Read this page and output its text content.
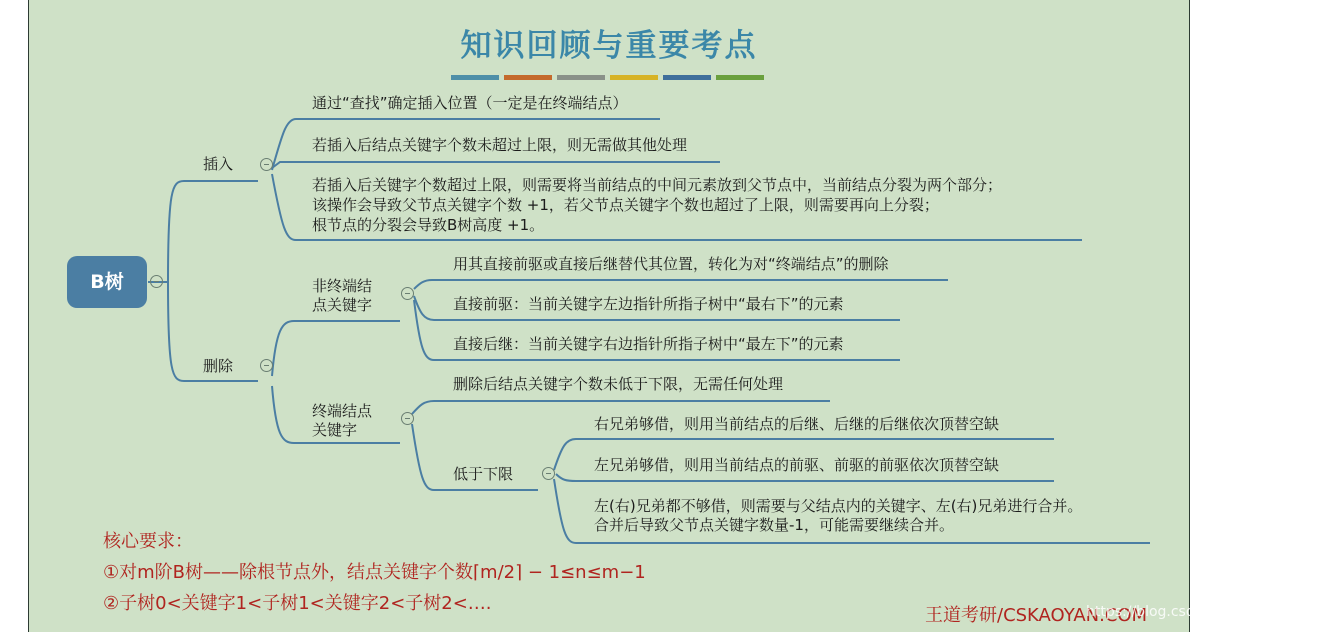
知识回顾与重要考点
B树
插入
通过“查找”确定插入位置（一定是在终端结点）
若插入后结点关键字个数未超过上限，则无需做其他处理
若插入后关键字个数超过上限，则需要将当前结点的中间元素放到父节点中，当前结点分裂为两个部分；
该操作会导致父节点关键字个数 +1，若父节点关键字个数也超过了上限，则需要再向上分裂；
根节点的分裂会导致B树高度 +1。
删除
非终端结
点关键字
用其直接前驱或直接后继替代其位置，转化为对“终端结点”的删除
直接前驱：当前关键字左边指针所指子树中“最右下”的元素
直接后继：当前关键字右边指针所指子树中“最左下”的元素
终端结点
关键字
删除后结点关键字个数未低于下限，无需任何处理
低于下限
右兄弟够借，则用当前结点的后继、后继的后继依次顶替空缺
左兄弟够借，则用当前结点的前驱、前驱的前驱依次顶替空缺
左(右)兄弟都不够借，则需要与父结点内的关键字、左(右)兄弟进行合并。
合并后导致父节点关键字数量-1，可能需要继续合并。
核心要求：
①对m阶B树——除根节点外，结点关键字个数⌈m/2⌉ − 1≤n≤m−1
②子树0<关键字1<子树1<关键字2<子树2<….
王道考研/CSKAOYAN.COM
https://blog.csdn.net/qq_43683622
